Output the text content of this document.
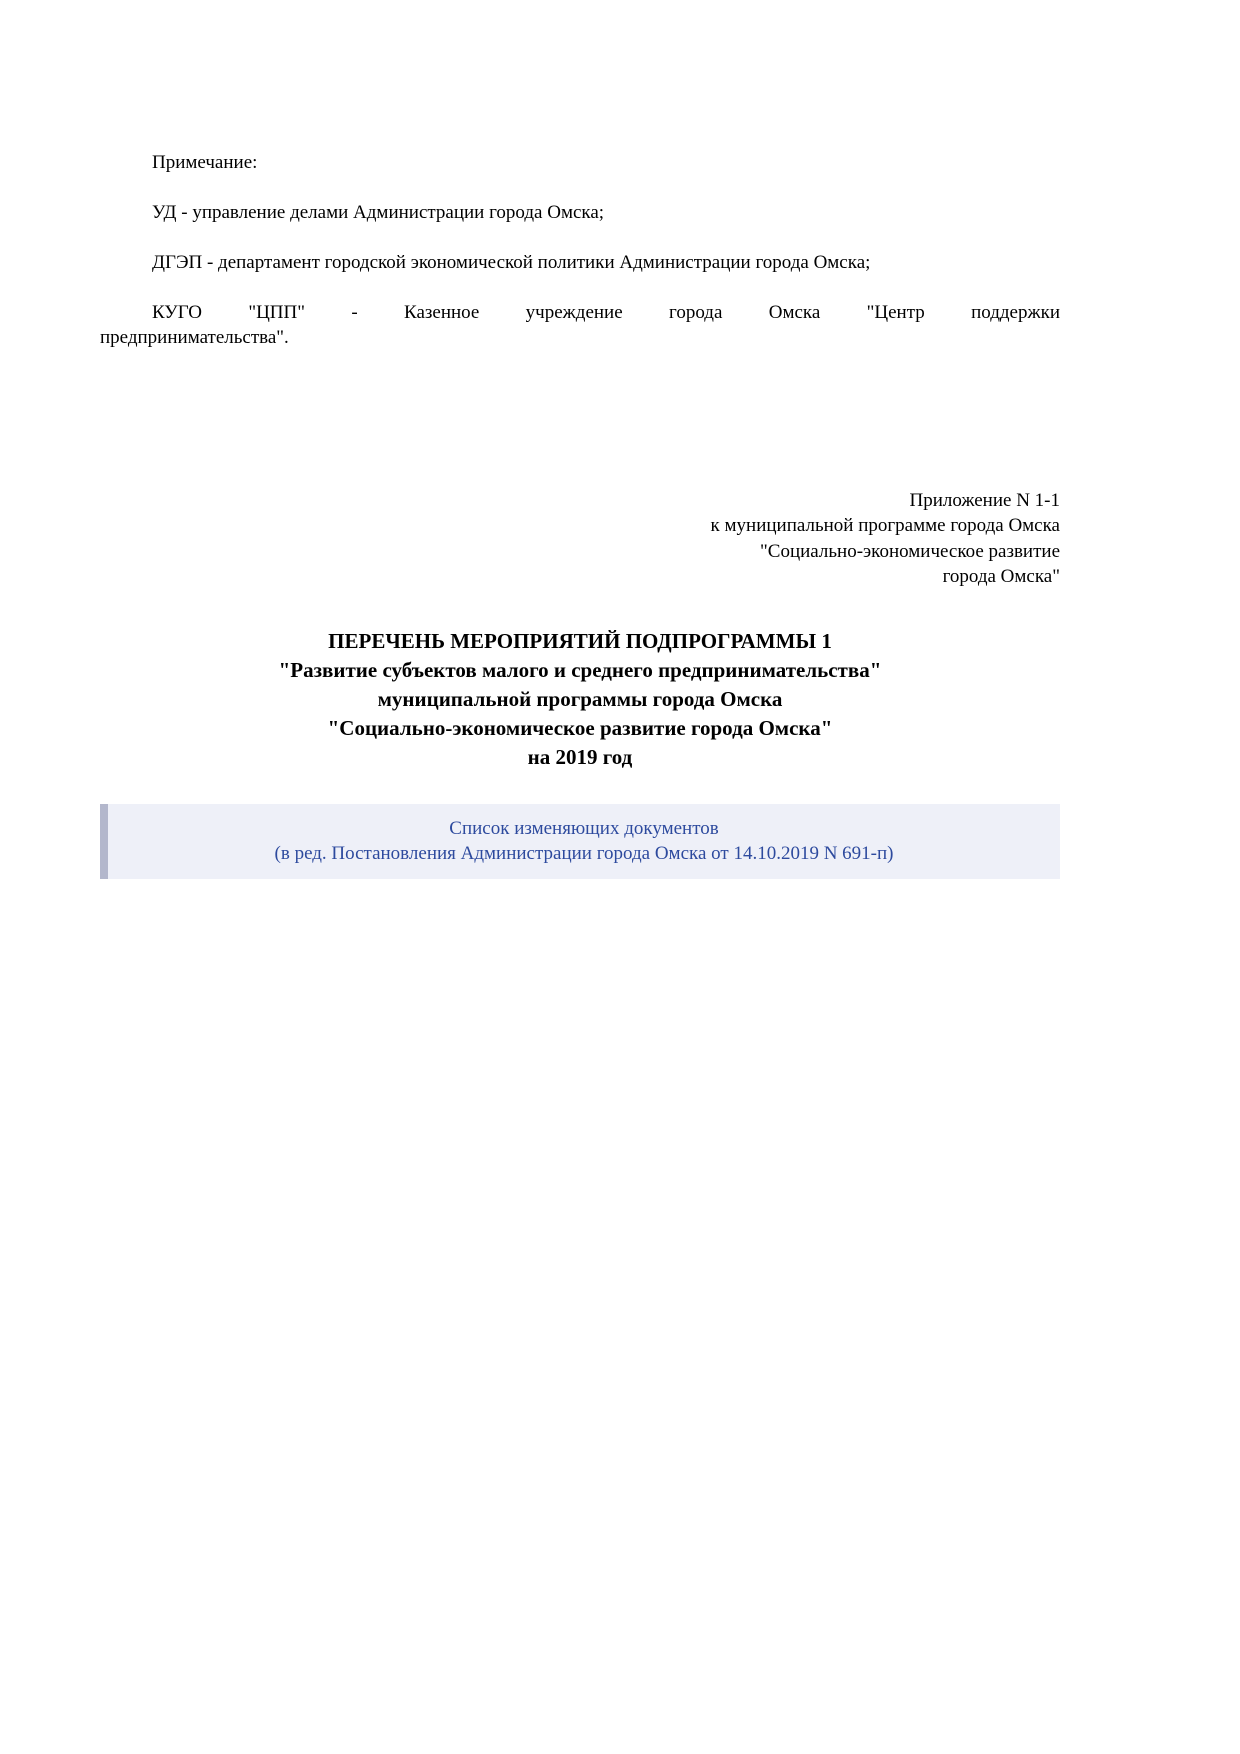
Примечание:
УД - управление делами Администрации города Омска;
ДГЭП - департамент городской экономической политики Администрации города Омска;
КУГО "ЦПП" - Казенное учреждение города Омска "Центр поддержки
предпринимательства".
Приложение N 1-1
к муниципальной программе города Омска
"Социально-экономическое развитие
города Омска"
ПЕРЕЧЕНЬ МЕРОПРИЯТИЙ ПОДПРОГРАММЫ 1
"Развитие субъектов малого и среднего предпринимательства"
муниципальной программы города Омска
"Социально-экономическое развитие города Омска"
на 2019 год
Список изменяющих документов
(в ред. Постановления Администрации города Омска от 14.10.2019 N 691-п)
